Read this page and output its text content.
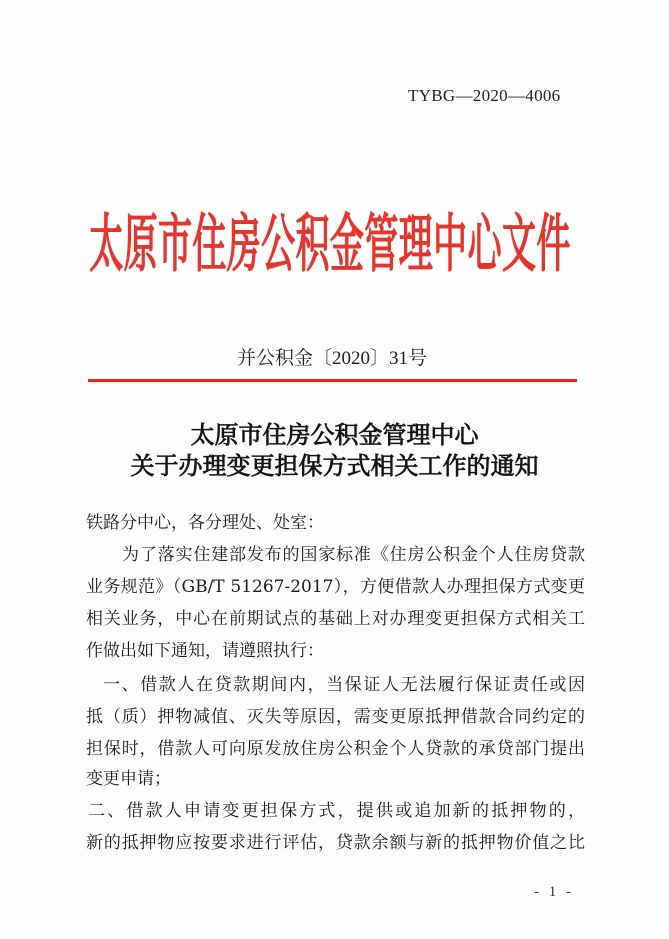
TYBG—2020—4006
太原市住房公积金管理中心文件
并公积金〔2020〕31号
太原市住房公积金管理中心
关于办理变更担保方式相关工作的通知
铁路分中心，各分理处、处室：
为了落实住建部发布的国家标准《住房公积金个人住房贷款
业务规范》（GB/T 51267-2017），方便借款人办理担保方式变更
相关业务，中心在前期试点的基础上对办理变更担保方式相关工
作做出如下通知，请遵照执行：
一、借款人在贷款期间内，当保证人无法履行保证责任或因
抵（质）押物减值、灭失等原因，需变更原抵押借款合同约定的
担保时，借款人可向原发放住房公积金个人贷款的承贷部门提出
变更申请；
二、借款人申请变更担保方式，提供或追加新的抵押物的，
新的抵押物应按要求进行评估，贷款余额与新的抵押物价值之比
- 1 -
